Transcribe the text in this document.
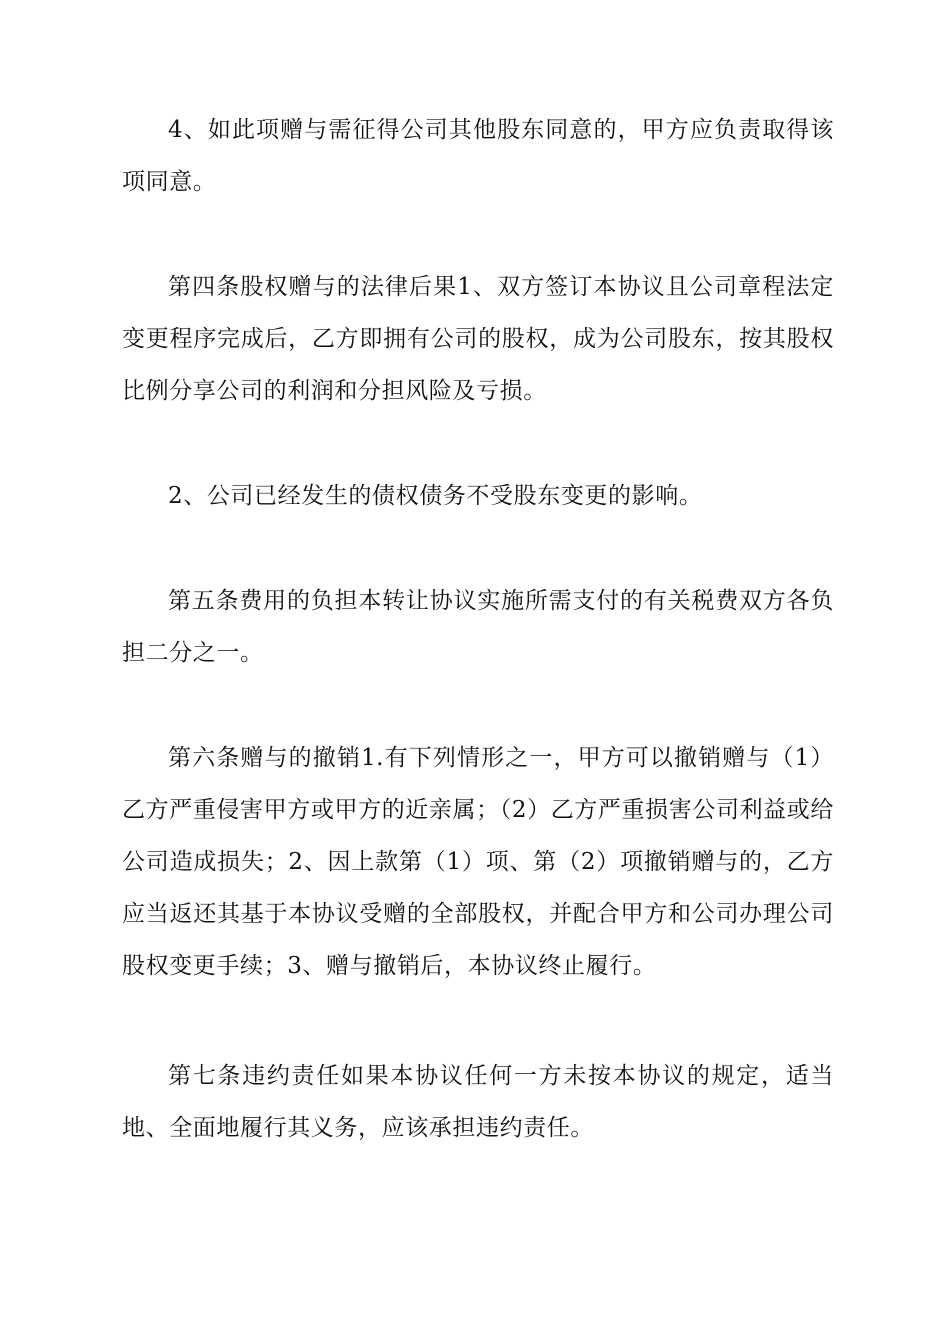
4、如此项赠与需征得公司其他股东同意的，甲方应负责取得该项同意。

第四条股权赠与的法律后果1、双方签订本协议且公司章程法定变更程序完成后，乙方即拥有公司的股权，成为公司股东，按其股权比例分享公司的利润和分担风险及亏损。

2、公司已经发生的债权债务不受股东变更的影响。

第五条费用的负担本转让协议实施所需支付的有关税费双方各负担二分之一。

第六条赠与的撤销1.有下列情形之一，甲方可以撤销赠与（1）乙方严重侵害甲方或甲方的近亲属；（2）乙方严重损害公司利益或给公司造成损失；2、因上款第（1）项、第（2）项撤销赠与的，乙方应当返还其基于本协议受赠的全部股权，并配合甲方和公司办理公司股权变更手续；3、赠与撤销后，本协议终止履行。

第七条违约责任如果本协议任何一方未按本协议的规定，适当地、全面地履行其义务，应该承担违约责任。
